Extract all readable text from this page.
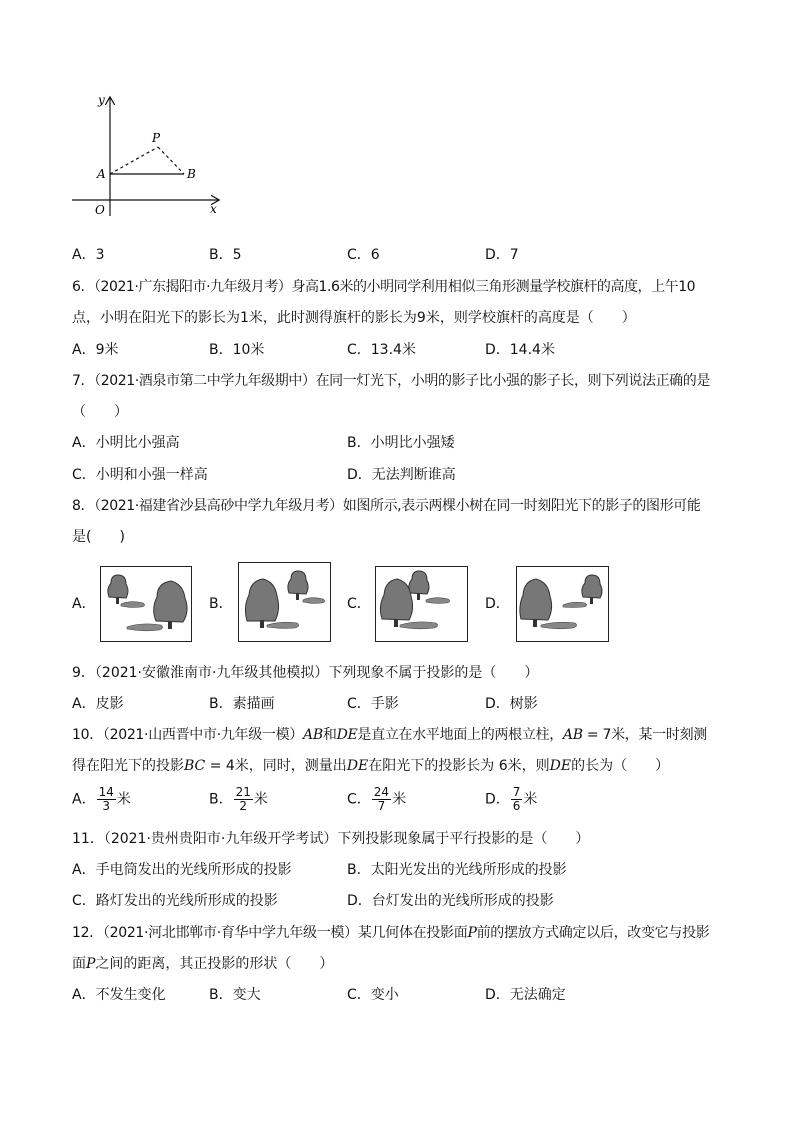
y
x
P
A	B
O
A．3	B．5	C．6	D．7
6．（2021·广东揭阳市·九年级月考）身高1.6米的小明同学利用相似三角形测量学校旗杆的高度，上午10
点，小明在阳光下的影长为1米，此时测得旗杆的影长为9米，则学校旗杆的高度是（　　）
A．9米	B．10米	C．13.4米	D．14.4米
7．（2021·酒泉市第二中学九年级期中）在同一灯光下，小明的影子比小强的影子长，则下列说法正确的是
（　　）
A．小明比小强高	B．小明比小强矮
C．小明和小强一样高	D．无法判断谁高
8．（2021·福建省沙县高砂中学九年级月考）如图所示,表示两棵小树在同一时刻阳光下的影子的图形可能
是(　　)
A．	B．	C．	D．
9．（2021·安徽淮南市·九年级其他模拟）下列现象不属于投影的是（　　）
A．皮影	B．素描画	C．手影	D．树影
10．（2021·山西晋中市·九年级一模）AB和DE是直立在水平地面上的两根立柱，AB = 7米，某一时刻测
得在阳光下的投影BC = 4米，同时，测量出DE在阳光下的投影长为 6米，则DE的长为（　　）
A． $\frac{14}{3}$ 米	B． $\frac{21}{2}$ 米	C． $\frac{24}{7}$ 米	D． $\frac{7}{6}$ 米
11．（2021·贵州贵阳市·九年级开学考试）下列投影现象属于平行投影的是（　　）
A．手电筒发出的光线所形成的投影	B．太阳光发出的光线所形成的投影
C．路灯发出的光线所形成的投影	D．台灯发出的光线所形成的投影
12．（2021·河北邯郸市·育华中学九年级一模）某几何体在投影面P前的摆放方式确定以后，改变它与投影
面P之间的距离，其正投影的形状（　　）
A．不发生变化	B．变大	C．变小	D．无法确定
